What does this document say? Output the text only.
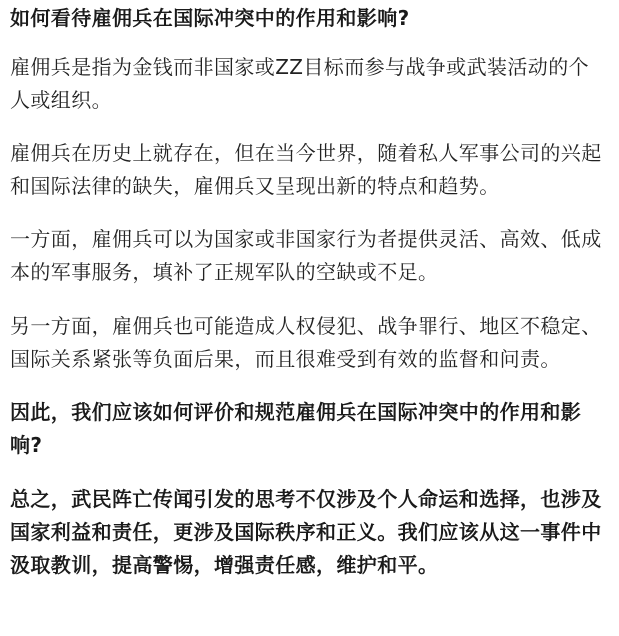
如何看待雇佣兵在国际冲突中的作用和影响?

雇佣兵是指为金钱而非国家或ZZ目标而参与战争或武装活动的个人或组织。

雇佣兵在历史上就存在，但在当今世界，随着私人军事公司的兴起和国际法律的缺失，雇佣兵又呈现出新的特点和趋势。

一方面，雇佣兵可以为国家或非国家行为者提供灵活、高效、低成本的军事服务，填补了正规军队的空缺或不足。

另一方面，雇佣兵也可能造成人权侵犯、战争罪行、地区不稳定、国际关系紧张等负面后果，而且很难受到有效的监督和问责。

因此，我们应该如何评价和规范雇佣兵在国际冲突中的作用和影响?

总之，武民阵亡传闻引发的思考不仅涉及个人命运和选择，也涉及国家利益和责任，更涉及国际秩序和正义。我们应该从这一事件中汲取教训，提高警惕，增强责任感，维护和平。
